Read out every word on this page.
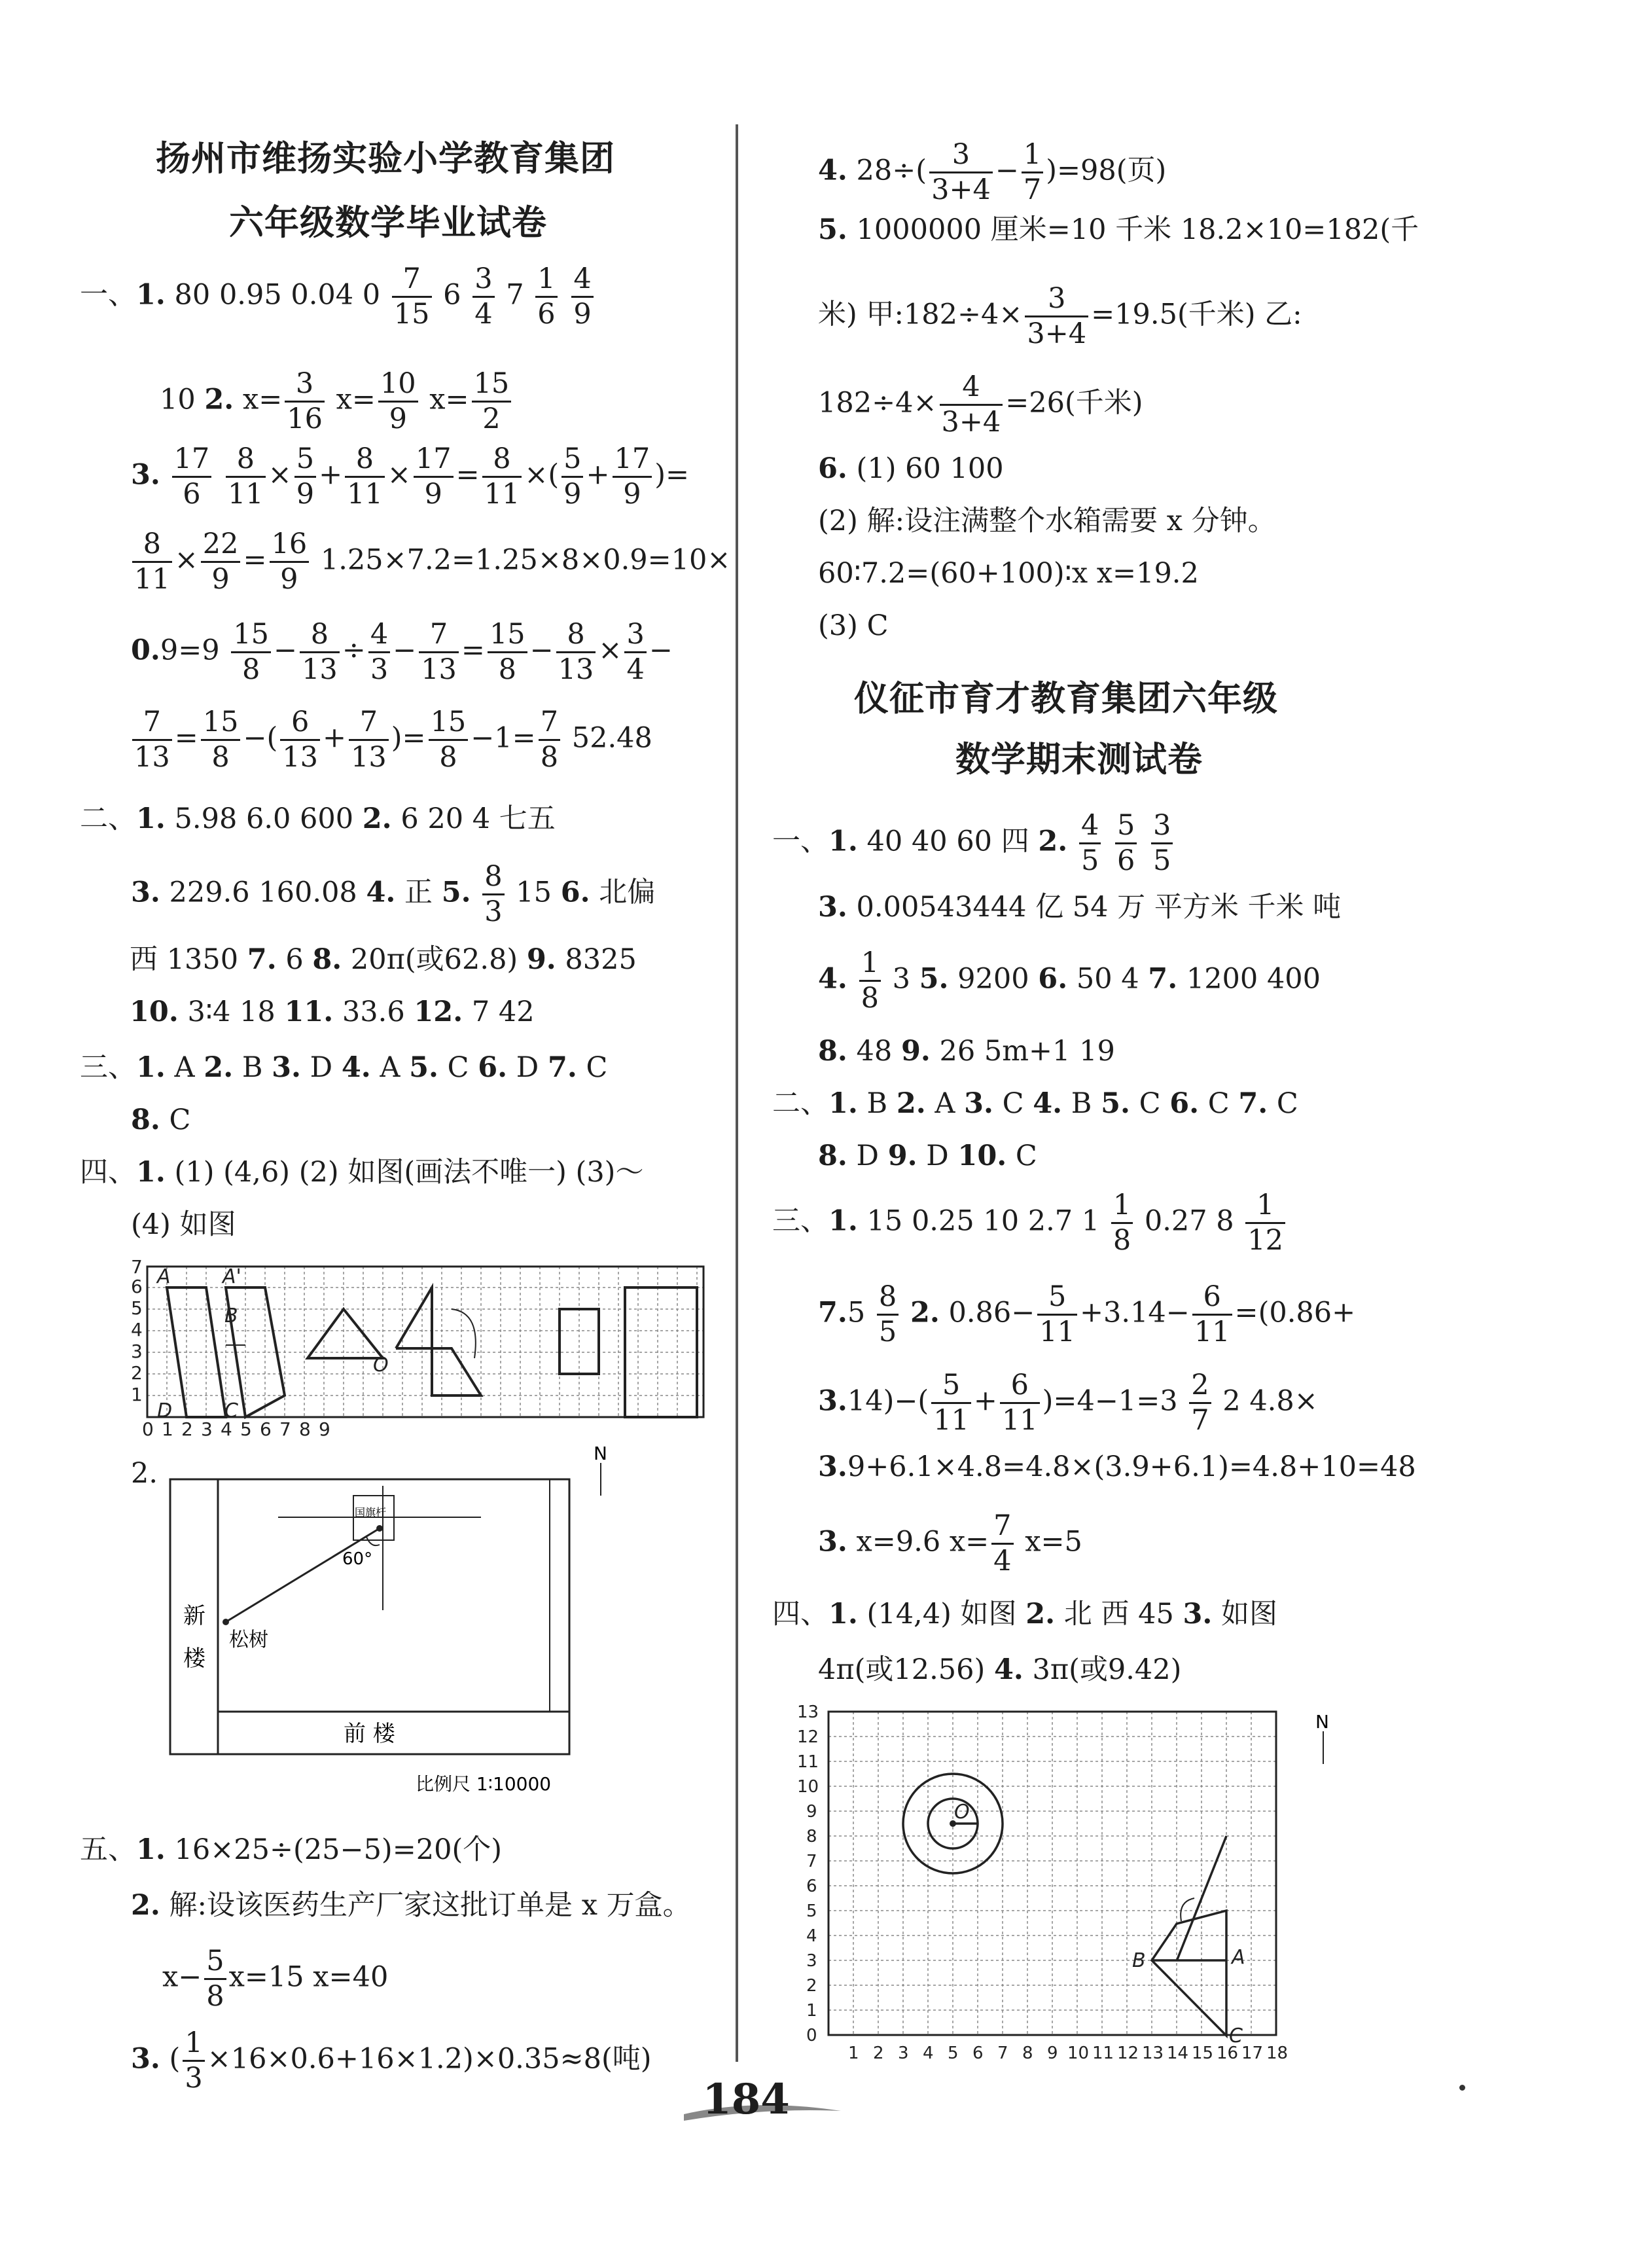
扬州市维扬实验小学教育集团
六年级数学毕业试卷
一、1. 80 0.95 0.04 $0 \frac{7}{15} 6 \frac{3}{4} 7 \frac{1}{6}$
$\frac{4}{9}$
10 2. $x= \frac{3}{16} x= \frac{10}{9} x= \frac{15}{2}$
3. $\frac{17}{6}$
$\frac{8}{11} \times \frac{5}{9} + \frac{8}{11} \times \frac{17}{9} = \frac{8}{11}$ ×( $\frac{5}{9} + \frac{17}{9}$ )=
$\frac{8}{11} \times \frac{22}{9} = \frac{16}{9} 1.25\times 7.2=1.25\times 8\times 0.9=10\times$
$0.9=9 \frac{15}{8} - \frac{8}{13} \div \frac{4}{3} - \frac{7}{13} = \frac{15}{8} - \frac{8}{13} \times \frac{3}{4}$ −
$\frac{7}{13} = \frac{15}{8}$ −( $\frac{6}{13} + \frac{7}{13}$ )= $\frac{15}{8} -1= \frac{7}{8} 52.48$
二、1. 5.98 6.0 600 2. 6 20 4 七五
3. 229.6 160.08 4. 正 5. $\frac{8}{3} 15$ 6. 北偏
西 1350 7. 6 8. 20π(或62.8) 9. 8325
10. 3∶4 18 11. 33.6 12. 7 42
三、1. A 2. B 3. D 4. A 5. C 6. D 7. C
8. C
四、1. (1) (4,6) (2) 如图(画法不唯一) (3)～
(4) 如图
A	A'
B
D	C
O
1
2
3
4
5
6
7
0 1 2 3 4 5 6 7 8 9
2.
N
国旗杆
60°
新
楼
松树
前 楼
比例尺 1∶10000
五、1. 16×25÷(25−5)=20(个)
2. 解:设该医药生产厂家这批订单是 x 万盒。
$x- \frac{5}{8} x=15$ x=40
3. ( $\frac{1}{3} \times 16\times 0.6+16\times 1.2)\times 0.35\approx 8$(吨)
4. $28\div( \frac{3}{3+4} - \frac{1}{7} )=98$(页)
5. 1000000 厘米=10 千米 18.2×10=182(千
米) 甲:182÷4× $\frac{3}{3+4} =19.5$(千米) 乙:
$182\div 4\times \frac{4}{3+4} =26$(千米)
6. (1) 60 100
(2) 解:设注满整个水箱需要 x 分钟。
60∶7.2=(60+100)∶x x=19.2
(3) C
仪征市育才教育集团六年级
数学期末测试卷
一、1. 40 40 60 四 2. $\frac{4}{5}$
$\frac{5}{6}$
$\frac{3}{5}$
3. 0.00543444 亿 54 万 平方米 千米 吨
4. $\frac{1}{8} 3$ 5. 9200 6. 50 4 7. 1200 400
8. 48 9. 26 5m+1 19
二、1. B 2. A 3. C 4. B 5. C 6. C 7. C
8. D 9. D 10. C
三、1. 15 0.25 10 2.7 $1 \frac{1}{8} 0.27$ $8 \frac{1}{12}$
$7.5 \frac{8}{5} 2$. $0.86- \frac{5}{11} +3.14- \frac{6}{11} =(0.86+$
$3.14)-( \frac{5}{11} + \frac{6}{11} )=4-1=3 \frac{2}{7} 2$ 4.8×
3.9+6.1×4.8=4.8×(3.9+6.1)=4.8+10=48
3. x=9.6 $x= \frac{7}{4} x=5$
四、1. (14,4) 如图 2. 北 西 45 3. 如图
4π(或12.56) 4. 3π(或9.42)
O
A
B
C
N
0
1
2
3
4
5
6
7
8
9
10
11
12
13
1 2 3 4 5 6 7 8 9 10 11 12 13 14 15 16 17 18
184
